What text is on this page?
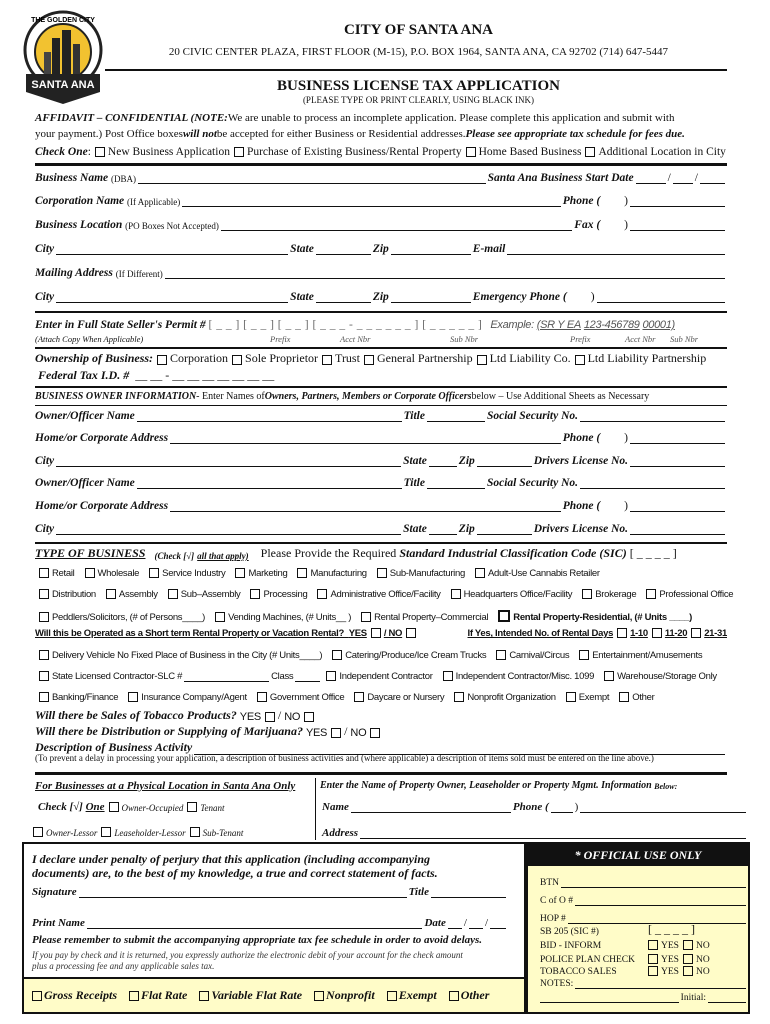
THE GOLDEN CITY
SANTA ANA
CITY OF SANTA ANA
20 CIVIC CENTER PLAZA, FIRST FLOOR (M-15), P.O. BOX 1964, SANTA ANA, CA 92702 (714) 647-5447
BUSINESS LICENSE TAX APPLICATION
(PLEASE TYPE OR PRINT CLEARLY, USING BLACK INK)
AFFIDAVIT – CONFIDENTIAL (NOTE: We are unable to process an incomplete application. Please complete this application and submit with
your payment.) Post Office boxes will not be accepted for either Business or Residential addresses. Please see appropriate tax schedule for fees due.
Check One : New Business Application Purchase of Existing Business/Rental Property Home Based Business Additional Location in City
Business Name
(DBA)	Santa Ana Business Start Date	/ /
Corporation Name
(If Applicable)	Phone ( )
Business Location
(PO Boxes Not Accepted)	Fax ( )
City	State	Zip	E-mail
Mailing Address
(If Different)
City	State	Zip	Emergency Phone ( )
Enter in Full State Seller's Permit #
[ _ _ ] [ _ _ ] [ _ _ ] [ _ _ _ - _ _ _ _ _ _ ] [ _ _ _ _ _ ] Example:
(SR Y EA
123-456789
00001)
(Attach Copy When Applicable)	Prefix	Acct Nbr	Sub Nbr	Prefix	Acct Nbr	Sub Nbr
Ownership of Business: Corporation Sole Proprietor Trust General Partnership Ltd Liability Co. Ltd Liability Partnership
Federal Tax I.D. #
__ __ - __ __ __ __ __ __ __
BUSINESS OWNER INFORMATION - Enter Names of Owners, Partners, Members or Corporate Officers below – Use Additional Sheets as Necessary
Owner/Officer Name	Title	Social Security No.
Home/or Corporate Address	Phone ( )
City	State	Zip	Drivers License No.
Owner/Officer Name	Title	Social Security No.
Home/or Corporate Address	Phone ( )
City	State	Zip	Drivers License No.
TYPE OF BUSINESS
(Check [√]
all that apply)
Please Provide the Required
Standard Industrial Classification Code (SIC)
[ _ _ _ _ ]
Retail Wholesale Service Industry Marketing Manufacturing Sub-Manufacturing Adult-Use Cannabis Retailer
Distribution Assembly Sub–Assembly Processing Administrative Office/Facility Headquarters Office/Facility Brokerage Professional Office
Peddlers/Solicitors, (# of Persons____) Vending Machines, (# Units__ ) Rental Property–Commercial	Rental Property-Residential, (# Units ____)
Will this be Operated as a Short term Rental Property or Vacation Rental?
YES / NO	If Yes, Intended No. of Rental Days 1-10 11-20 21-31
Delivery Vehicle No Fixed Place of Business in the City (# Units____) Catering/Produce/Ice Cream Trucks Carnival/Circus Entertainment/Amusements
State Licensed Contractor-SLC #	Class	Independent Contractor Independent Contractor/Misc. 1099 Warehouse/Storage Only
Banking/Finance Insurance Company/Agent Government Office Daycare or Nursery Nonprofit Organization Exempt Other
Will there be Sales of Tobacco Products?
YES / NO
Will there be Distribution or Supplying of Marijuana?
YES / NO
Description of Business Activity
(To prevent a delay in processing your application, a description of business activities and (where applicable) a description of items sold must be entered on the line above.)
For Businesses at a Physical Location in Santa Ana Only
Check [√]
One Owner-Occupied Tenant
Owner-Lessor Leaseholder-Lessor Sub-Tenant
Enter the Name of Property Owner, Leaseholder or Property Mgmt. Information
Below:
Name	Phone ( )
Address
I declare under penalty of perjury that this application (including accompanying documents) are, to the best of my knowledge, a true and correct statement of facts.
Signature	Title
Print Name	Date / /
Please remember to submit the accompanying appropriate tax fee schedule in order to avoid delays.
If you pay by check and it is returned, you expressly authorize the electronic debit of your account for the check amount plus a processing fee and any applicable sales tax.
Gross Receipts	Flat Rate	Variable Flat Rate	Nonprofit	Exempt	Other
* OFFICIAL USE ONLY
BTN
C of O #
HOP #
SB 205 (SIC #)	[ _ _ _ _ ]
BID - INFORM	YES NO
POLICE PLAN CHECK	YES NO
TOBACCO SALES	YES NO
NOTES:
Initial:
